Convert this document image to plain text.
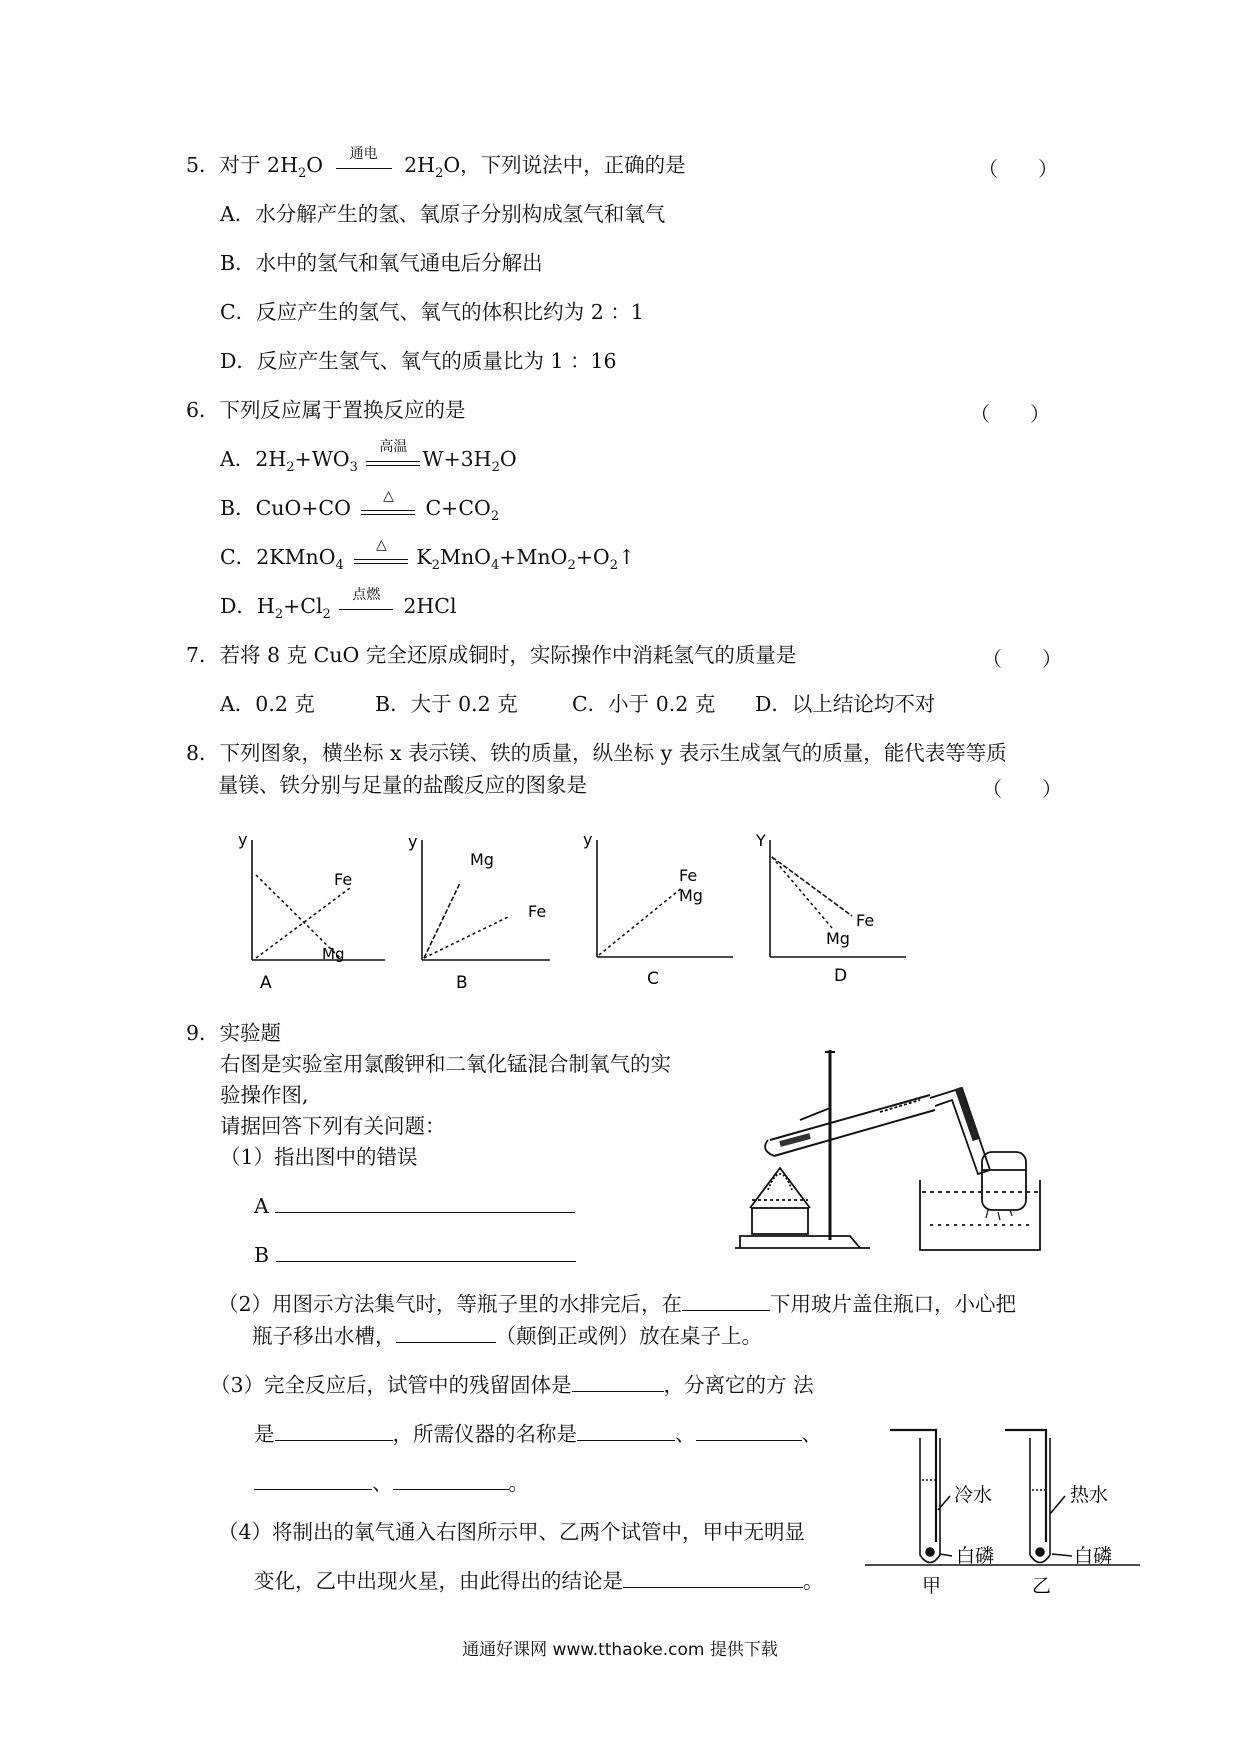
5．对于 $2H_2O$	通电	$2H_2O$，下列说法中，正确的是	（　　）
A．水分解产生的氢、氧原子分别构成氢气和氧气
B．水中的氢气和氧气通电后分解出
C．反应产生的氢气、氧气的体积比约为 2 ：1
D．反应产生氢气、氧气的质量比为 1 ：16
6．下列反应属于置换反应的是	（　　）
A．$2H_2+WO_3$
高温 $W+3H_2O$
B．CuO+CO	△	$C+CO_2$
C．2KMnO$_4$
△	$K_2MnO_4+MnO_2+O_2↑$
D．$H_2+Cl_2$
点燃	2HCl
7．若将 8 克 CuO 完全还原成铜时，实际操作中消耗氢气的质量是	（　　）
A．0.2 克	B．大于 0.2 克	C．小于 0.2 克 D．以上结论均不对
8．下列图象，横坐标 x 表示镁、铁的质量，纵坐标 y 表示生成氢气的质量，能代表等等质
量镁、铁分别与足量的盐酸反应的图象是	（　　）
y
Fe
Mg
A
y
Mg
Fe
B
y
Fe
Mg
C
Y
Fe
Mg
D
9．实验题
右图是实验室用氯酸钾和二氧化锰混合制氧气的实
验操作图,
请据回答下列有关问题：
（1）指出图中的错误
A
B
（2）用图示方法集气时，等瓶子里的水排完后，在	下用玻片盖住瓶口，小心把
瓶子移出水槽，	（颠倒正或例）放在桌子上。
（3）完全反应后，试管中的残留固体是	，分离它的方 法
是	，所需仪器的名称是	、	、
、	。
（4）将制出的氧气通入右图所示甲、乙两个试管中，甲中无明显
变化，乙中出现火星，由此得出的结论是	。
冷水
白磷
热水
白磷
甲	乙
通通好课网 www.tthaoke.com 提供下载
